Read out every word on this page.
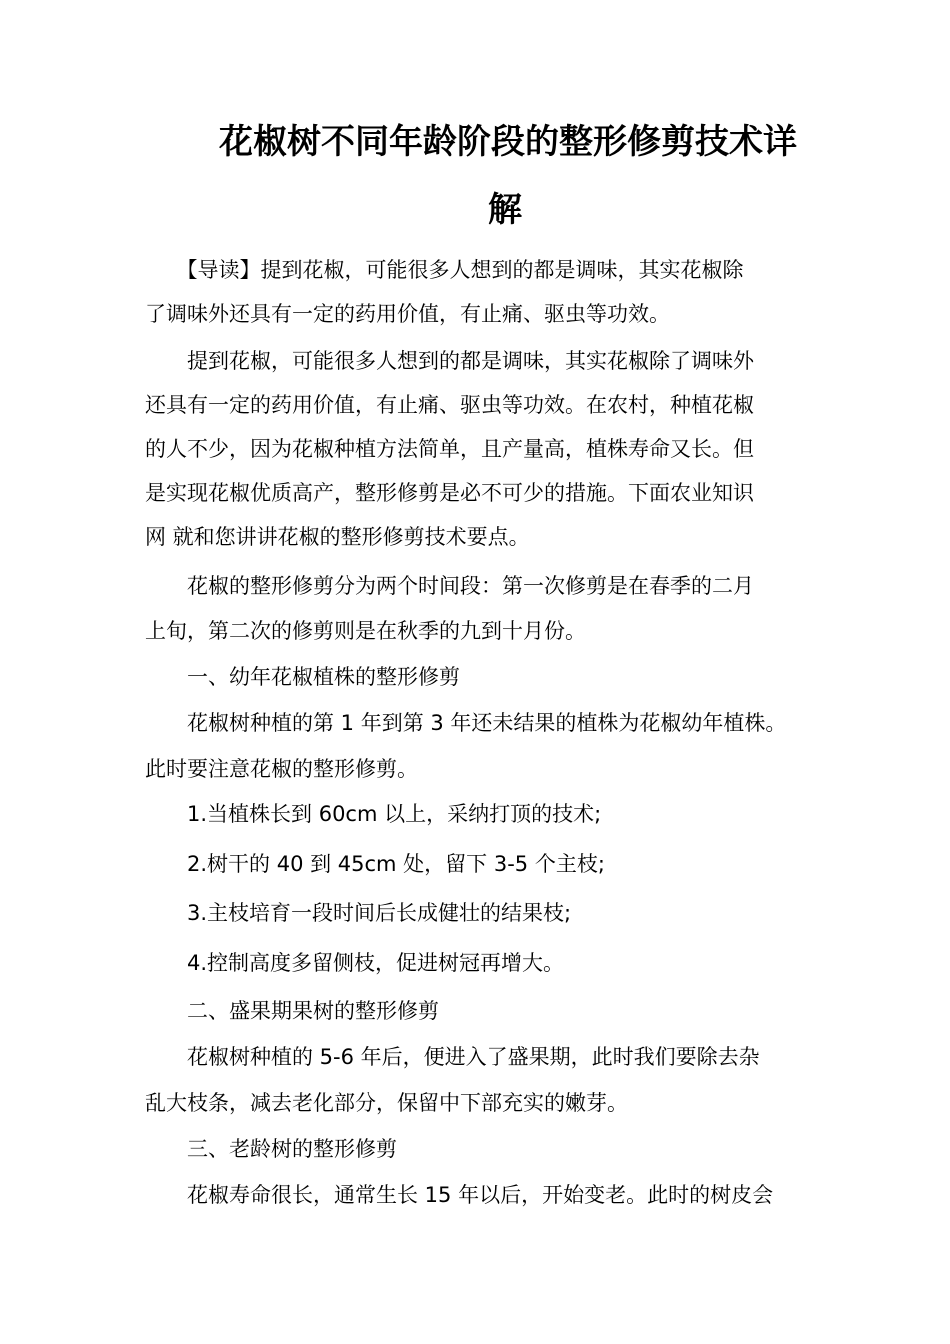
花椒树不同年龄阶段的整形修剪技术详
解

　　【导读】提到花椒，可能很多人想到的都是调味，其实花椒除

了调味外还具有一定的药用价值，有止痛、驱虫等功效。

　　提到花椒，可能很多人想到的都是调味，其实花椒除了调味外

还具有一定的药用价值，有止痛、驱虫等功效。在农村，种植花椒

的人不少，因为花椒种植方法简单，且产量高，植株寿命又长。但

是实现花椒优质高产，整形修剪是必不可少的措施。下面农业知识

网 就和您讲讲花椒的整形修剪技术要点。

　　花椒的整形修剪分为两个时间段：第一次修剪是在春季的二月

上旬，第二次的修剪则是在秋季的九到十月份。

　　一、幼年花椒植株的整形修剪

　　花椒树种植的第 1 年到第 3 年还未结果的植株为花椒幼年植株。

此时要注意花椒的整形修剪。

　　1.当植株长到 60cm 以上，采纳打顶的技术;

　　2.树干的 40 到 45cm 处，留下 3-5 个主枝;

　　3.主枝培育一段时间后长成健壮的结果枝;

　　4.控制高度多留侧枝，促进树冠再增大。

　　二、盛果期果树的整形修剪

　　花椒树种植的 5-6 年后，便进入了盛果期，此时我们要除去杂

乱大枝条，减去老化部分，保留中下部充实的嫩芽。

　　三、老龄树的整形修剪

　　花椒寿命很长，通常生长 15 年以后，开始变老。此时的树皮会
